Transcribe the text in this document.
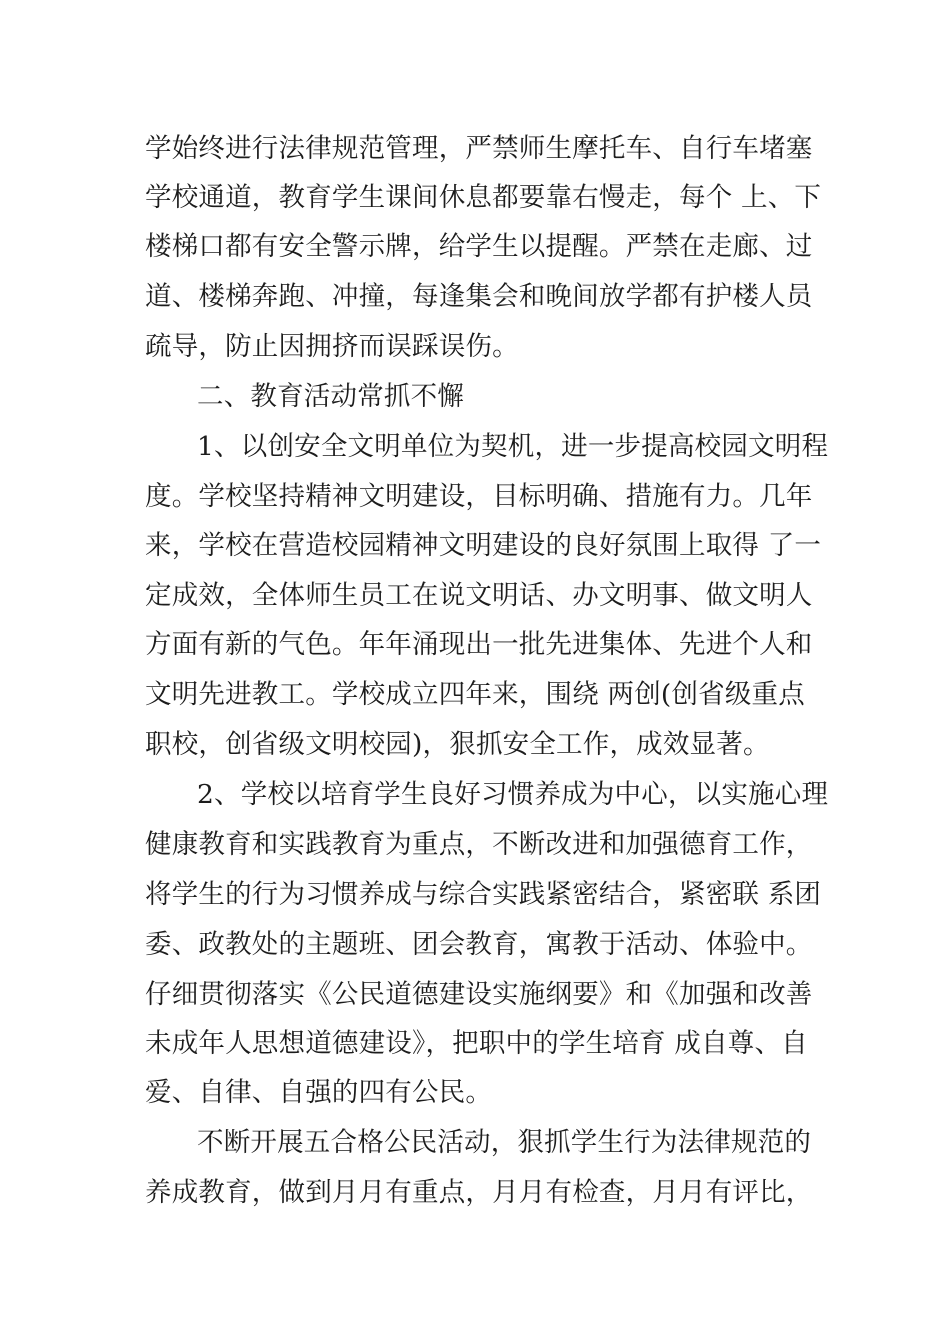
学始终进行法律规范管理，严禁师生摩托车、自行车堵塞
学校通道，教育学生课间休息都要靠右慢走，每个 上、下
楼梯口都有安全警示牌，给学生以提醒。严禁在走廊、过
道、楼梯奔跑、冲撞，每逢集会和晚间放学都有护楼人员
疏导，防止因拥挤而误踩误伤。
二、教育活动常抓不懈
1、以创安全文明单位为契机，进一步提高校园文明程
度。学校坚持精神文明建设，目标明确、措施有力。几年
来，学校在营造校园精神文明建设的良好氛围上取得 了一
定成效，全体师生员工在说文明话、办文明事、做文明人
方面有新的气色。年年涌现出一批先进集体、先进个人和
文明先进教工。学校成立四年来，围绕 两创(创省级重点
职校，创省级文明校园)，狠抓安全工作，成效显著。
2、学校以培育学生良好习惯养成为中心，以实施心理
健康教育和实践教育为重点，不断改进和加强德育工作，
将学生的行为习惯养成与综合实践紧密结合，紧密联 系团
委、政教处的主题班、团会教育，寓教于活动、体验中。
仔细贯彻落实《公民道德建设实施纲要》和《加强和改善
未成年人思想道德建设》，把职中的学生培育 成自尊、自
爱、自律、自强的四有公民。
不断开展五合格公民活动，狠抓学生行为法律规范的
养成教育，做到月月有重点，月月有检查，月月有评比，
